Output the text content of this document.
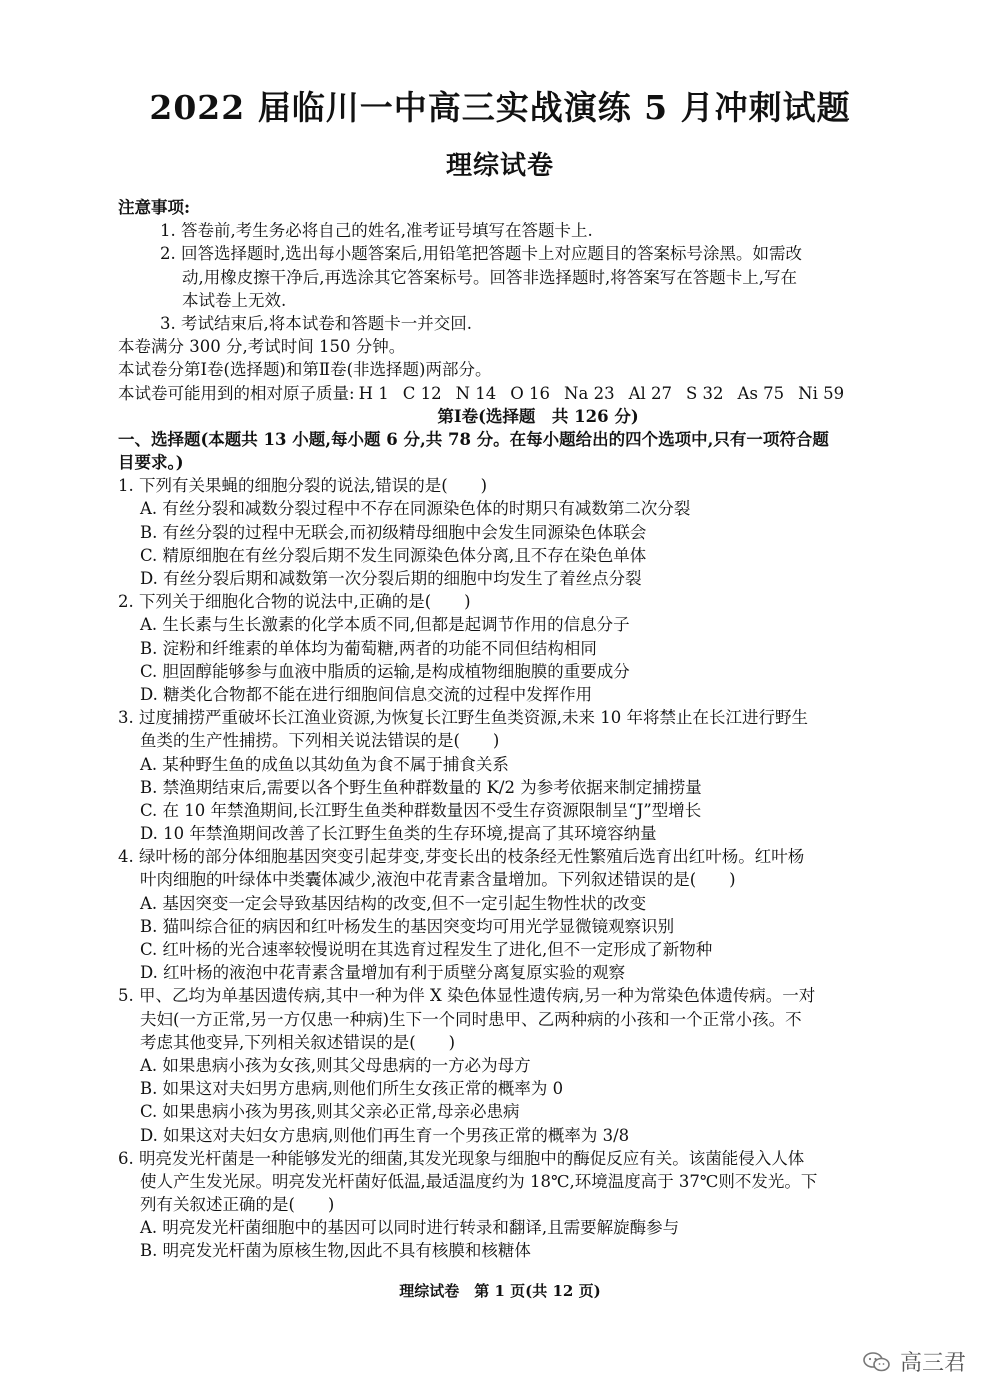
2022 届临川一中高三实战演练 5 月冲刺试题
理综试卷
注意事项:
1. 答卷前,考生务必将自己的姓名,准考证号填写在答题卡上.
2. 回答选择题时,选出每小题答案后,用铅笔把答题卡上对应题目的答案标号涂黑。如需改
动,用橡皮擦干净后,再选涂其它答案标号。回答非选择题时,将答案写在答题卡上,写在
本试卷上无效.
3. 考试结束后,将本试卷和答题卡一并交回.
本卷满分 300 分,考试时间 150 分钟。
本试卷分第Ⅰ卷(选择题)和第Ⅱ卷(非选择题)两部分。
本试卷可能用到的相对原子质量: H 1 C 12 N 14 O 16 Na 23 Al 27 S 32 As 75 Ni 59
第Ⅰ卷(选择题　共 126 分)
一、选择题(本题共 13 小题,每小题 6 分,共 78 分。在每小题给出的四个选项中,只有一项符合题
目要求。)
1. 下列有关果蝇的细胞分裂的说法,错误的是(　　)
A. 有丝分裂和减数分裂过程中不存在同源染色体的时期只有减数第二次分裂
B. 有丝分裂的过程中无联会,而初级精母细胞中会发生同源染色体联会
C. 精原细胞在有丝分裂后期不发生同源染色体分离,且不存在染色单体
D. 有丝分裂后期和减数第一次分裂后期的细胞中均发生了着丝点分裂
2. 下列关于细胞化合物的说法中,正确的是(　　)
A. 生长素与生长激素的化学本质不同,但都是起调节作用的信息分子
B. 淀粉和纤维素的单体均为葡萄糖,两者的功能不同但结构相同
C. 胆固醇能够参与血液中脂质的运输,是构成植物细胞膜的重要成分
D. 糖类化合物都不能在进行细胞间信息交流的过程中发挥作用
3. 过度捕捞严重破坏长江渔业资源,为恢复长江野生鱼类资源,未来 10 年将禁止在长江进行野生
鱼类的生产性捕捞。下列相关说法错误的是(　　)
A. 某种野生鱼的成鱼以其幼鱼为食不属于捕食关系
B. 禁渔期结束后,需要以各个野生鱼种群数量的 K/2 为参考依据来制定捕捞量
C. 在 10 年禁渔期间,长江野生鱼类种群数量因不受生存资源限制呈“J”型增长
D. 10 年禁渔期间改善了长江野生鱼类的生存环境,提高了其环境容纳量
4. 绿叶杨的部分体细胞基因突变引起芽变,芽变长出的枝条经无性繁殖后选育出红叶杨。红叶杨
叶肉细胞的叶绿体中类囊体减少,液泡中花青素含量增加。下列叙述错误的是(　　)
A. 基因突变一定会导致基因结构的改变,但不一定引起生物性状的改变
B. 猫叫综合征的病因和红叶杨发生的基因突变均可用光学显微镜观察识别
C. 红叶杨的光合速率较慢说明在其选育过程发生了进化,但不一定形成了新物种
D. 红叶杨的液泡中花青素含量增加有利于质壁分离复原实验的观察
5. 甲、乙均为单基因遗传病,其中一种为伴 X 染色体显性遗传病,另一种为常染色体遗传病。一对
夫妇(一方正常,另一方仅患一种病)生下一个同时患甲、乙两种病的小孩和一个正常小孩。不
考虑其他变异,下列相关叙述错误的是(　　)
A. 如果患病小孩为女孩,则其父母患病的一方必为母方
B. 如果这对夫妇男方患病,则他们所生女孩正常的概率为 0
C. 如果患病小孩为男孩,则其父亲必正常,母亲必患病
D. 如果这对夫妇女方患病,则他们再生育一个男孩正常的概率为 3/8
6. 明亮发光杆菌是一种能够发光的细菌,其发光现象与细胞中的酶促反应有关。该菌能侵入人体
使人产生发光尿。明亮发光杆菌好低温,最适温度约为 18℃,环境温度高于 37℃则不发光。下
列有关叙述正确的是(　　)
A. 明亮发光杆菌细胞中的基因可以同时进行转录和翻译,且需要解旋酶参与
B. 明亮发光杆菌为原核生物,因此不具有核膜和核糖体
理综试卷　第 1 页(共 12 页)
高三君
